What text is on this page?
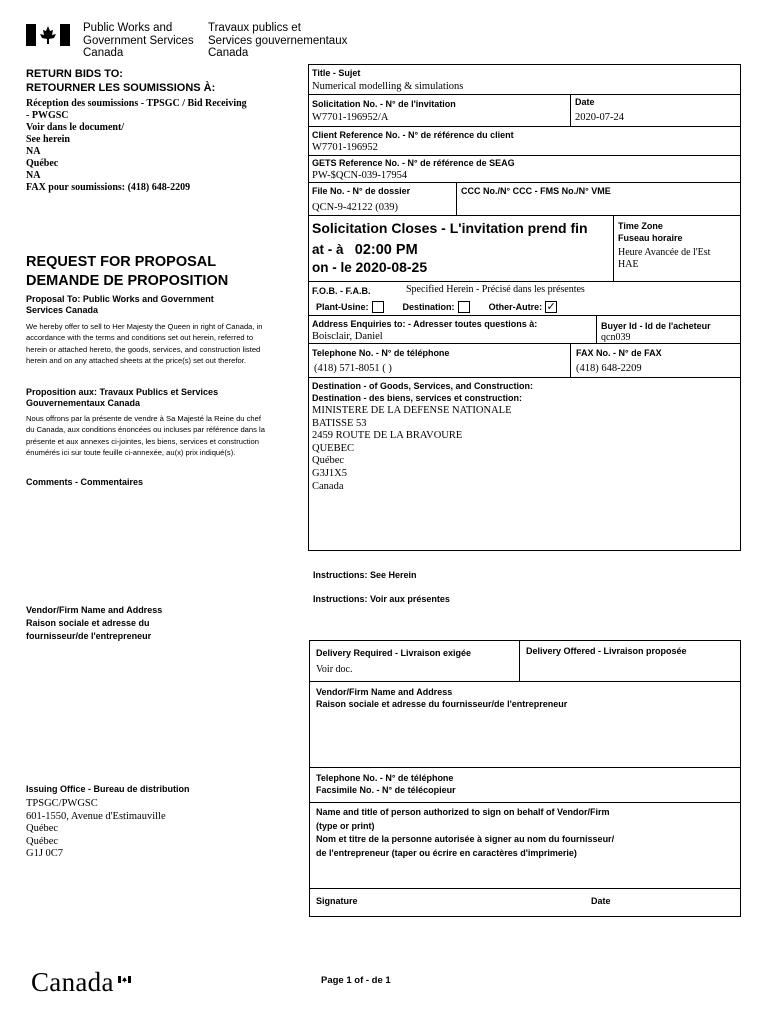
Public Works and
Government Services
Canada
Travaux publics et
Services gouvernementaux
Canada
RETURN BIDS TO:
RETOURNER LES SOUMISSIONS À:
Réception des soumissions - TPSGC / Bid Receiving
- PWGSC
Voir dans le document/
See herein
NA
Québec
NA
FAX pour soumissions: (418) 648-2209
REQUEST FOR PROPOSAL
DEMANDE DE PROPOSITION
Proposal To: Public Works and Government
Services Canada
We hereby offer to sell to Her Majesty the Queen in right of Canada, in accordance with the terms and conditions set out herein, referred to herein or attached hereto, the goods, services, and construction listed herein and on any attached sheets at the price(s) set out therefor.
Proposition aux: Travaux Publics et Services
Gouvernementaux Canada
Nous offrons par la présente de vendre à Sa Majesté la Reine du chef du Canada, aux conditions énoncées ou incluses par référence dans la présente et aux annexes ci-jointes, les biens, services et construction énumérés ici sur toute feuille ci-annexée, au(x) prix indiqué(s).
Comments - Commentaires
Vendor/Firm Name and Address
Raison sociale et adresse du
fournisseur/de l'entrepreneur
Issuing Office - Bureau de distribution
TPSGC/PWGSC
601-1550, Avenue d'Estimauville
Québec
Québec
G1J 0C7
Title - Sujet
Numerical modelling & simulations
Solicitation No. - N° de l'invitation
W7701-196952/A
Date
2020-07-24
Client Reference No. - N° de référence du client
W7701-196952
GETS Reference No. - N° de référence de SEAG
PW-$QCN-039-17954
File No. - N° de dossier
QCN-9-42122 (039)
CCC No./N° CCC - FMS No./N° VME
Solicitation Closes - L'invitation prend fin
at - à 02:00 PM
on - le 2020-08-25
Time Zone
Fuseau horaire
Heure Avancée de l'Est
HAE
F.O.B. - F.A.B.	Specified Herein - Précisé dans les présentes
Plant-Usine:	Destination:	Other-Autre: ✓
Address Enquiries to: - Adresser toutes questions à:
Boisclair, Daniel
Buyer Id - Id de l'acheteur
qcn039
Telephone No. - N° de téléphone
(418) 571-8051 ( )
FAX No. - N° de FAX
(418) 648-2209
Destination - of Goods, Services, and Construction:
Destination - des biens, services et construction:
MINISTERE DE LA DEFENSE NATIONALE
BATISSE 53
2459 ROUTE DE LA BRAVOURE
QUEBEC
Québec
G3J1X5
Canada
Instructions: See Herein
Instructions: Voir aux présentes
Delivery Required - Livraison exigée
Voir doc.
Delivery Offered - Livraison proposée
Vendor/Firm Name and Address
Raison sociale et adresse du fournisseur/de l'entrepreneur
Telephone No. - N° de téléphone
Facsimile No. - N° de télécopieur
Name and title of person authorized to sign on behalf of Vendor/Firm
(type or print)
Nom et titre de la personne autorisée à signer au nom du fournisseur/
de l'entrepreneur (taper ou écrire en caractères d'imprimerie)
Signature	Date
Canada	Page 1 of - de 1
